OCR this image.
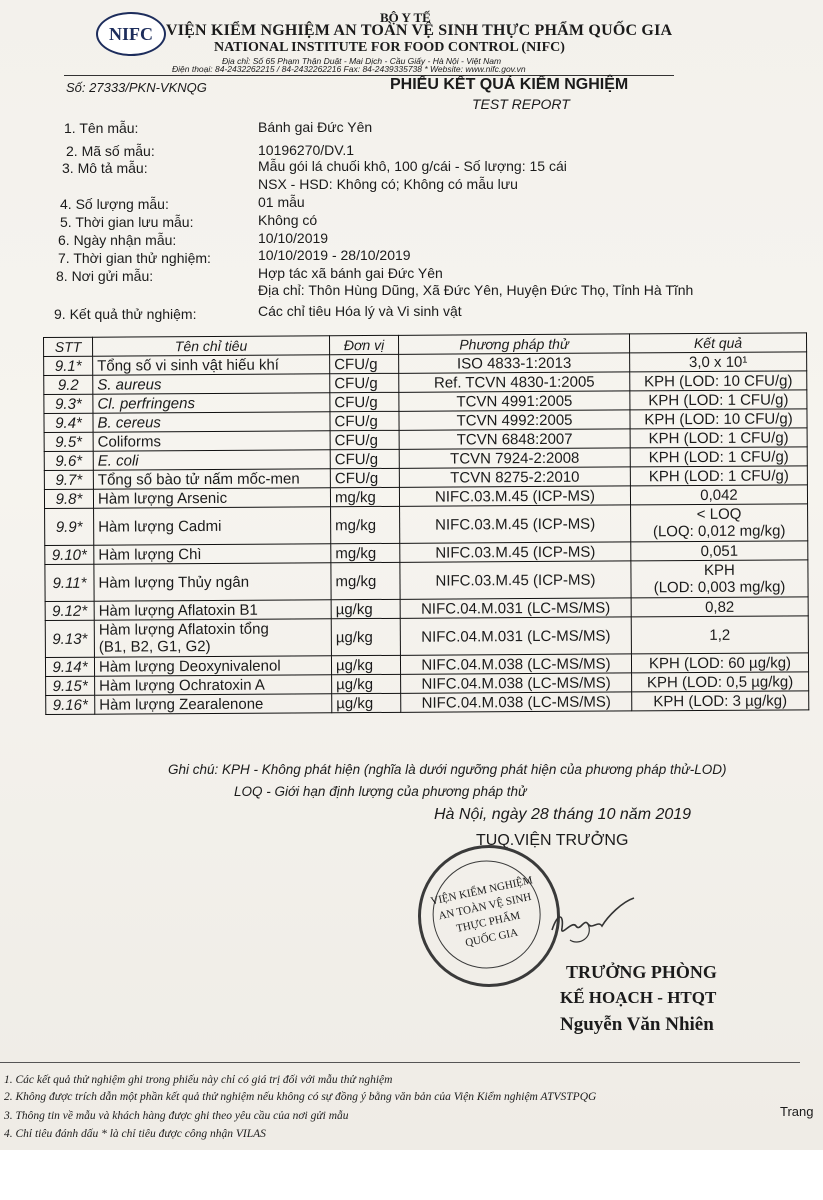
NIFC
BỘ Y TẾ
VIỆN KIỂM NGHIỆM AN TOÀN VỆ SINH THỰC PHẨM QUỐC GIA
NATIONAL INSTITUTE FOR FOOD CONTROL (NIFC)
Địa chỉ: Số 65 Phạm Thận Duật - Mai Dịch - Cầu Giấy - Hà Nội - Việt Nam
Điện thoại: 84-2432262215 / 84-2432262216 Fax: 84-2439335738 * Website: www.nifc.gov.vn
Số: 27333/PKN-VKNQG	PHIẾU KẾT QUẢ KIỂM NGHIỆM
TEST REPORT
1. Tên mẫu:	Bánh gai Đức Yên
2. Mã số mẫu:	10196270/DV.1
3. Mô tả mẫu:	Mẫu gói lá chuối khô, 100 g/cái - Số lượng: 15 cái
NSX - HSD: Không có; Không có mẫu lưu
4. Số lượng mẫu:	01 mẫu
5. Thời gian lưu mẫu:	Không có
6. Ngày nhận mẫu:	10/10/2019
7. Thời gian thử nghiệm:	10/10/2019 - 28/10/2019
8. Nơi gửi mẫu:	Hợp tác xã bánh gai Đức Yên
Địa chỉ: Thôn Hùng Dũng, Xã Đức Yên, Huyện Đức Thọ, Tỉnh Hà Tĩnh
9. Kết quả thử nghiệm:	Các chỉ tiêu Hóa lý và Vi sinh vật
STT	Tên chỉ tiêu	Đơn vị	Phương pháp thử	Kết quả
9.1*	Tổng số vi sinh vật hiếu khí	CFU/g	ISO 4833-1:2013	3,0 x 10¹
9.2	S. aureus	CFU/g	Ref. TCVN 4830-1:2005	KPH (LOD: 10 CFU/g)
9.3*	Cl. perfringens	CFU/g	TCVN 4991:2005	KPH (LOD: 1 CFU/g)
9.4*	B. cereus	CFU/g	TCVN 4992:2005	KPH (LOD: 10 CFU/g)
9.5*	Coliforms	CFU/g	TCVN 6848:2007	KPH (LOD: 1 CFU/g)
9.6*	E. coli	CFU/g	TCVN 7924-2:2008	KPH (LOD: 1 CFU/g)
9.7*	Tổng số bào tử nấm mốc-men	CFU/g	TCVN 8275-2:2010	KPH (LOD: 1 CFU/g)
9.8*	Hàm lượng Arsenic	mg/kg	NIFC.03.M.45 (ICP-MS)	0,042
9.9*	Hàm lượng Cadmi	mg/kg	NIFC.03.M.45 (ICP-MS)	< LOQ
(LOQ: 0,012 mg/kg)

9.10*	Hàm lượng Chì	mg/kg	NIFC.03.M.45 (ICP-MS)	0,051
9.11*	Hàm lượng Thủy ngân	mg/kg	NIFC.03.M.45 (ICP-MS)	KPH
(LOD: 0,003 mg/kg)

9.12*	Hàm lượng Aflatoxin B1	µg/kg	NIFC.04.M.031 (LC-MS/MS)	0,82
9.13*	Hàm lượng Aflatoxin tổng
(B1, B2, G1, G2)	µg/kg	NIFC.04.M.031 (LC-MS/MS)	1,2
9.14*	Hàm lượng Deoxynivalenol	µg/kg	NIFC.04.M.038 (LC-MS/MS)	KPH (LOD: 60 µg/kg)
9.15*	Hàm lượng Ochratoxin A	µg/kg	NIFC.04.M.038 (LC-MS/MS)	KPH (LOD: 0,5 µg/kg)
9.16*	Hàm lượng Zearalenone	µg/kg	NIFC.04.M.038 (LC-MS/MS)	KPH (LOD: 3 µg/kg)
Ghi chú: KPH - Không phát hiện (nghĩa là dưới ngưỡng phát hiện của phương pháp thử-LOD)
LOQ - Giới hạn định lượng của phương pháp thử
Hà Nội, ngày 28 tháng 10 năm 2019
TUQ.VIỆN TRƯỞNG
VIỆN KIỂM NGHIỆM
AN TOÀN VỆ SINH
THỰC PHẨM
QUỐC GIA
TRƯỞNG PHÒNG
KẾ HOẠCH - HTQT
Nguyễn Văn Nhiên
1. Các kết quả thử nghiệm ghi trong phiếu này chỉ có giá trị đối với mẫu thử nghiệm
2. Không được trích dẫn một phần kết quả thử nghiệm nếu không có sự đồng ý bằng văn bản của Viện Kiểm nghiệm ATVSTPQG
3. Thông tin về mẫu và khách hàng được ghi theo yêu cầu của nơi gửi mẫu
4. Chỉ tiêu đánh dấu * là chỉ tiêu được công nhận VILAS
Trang
